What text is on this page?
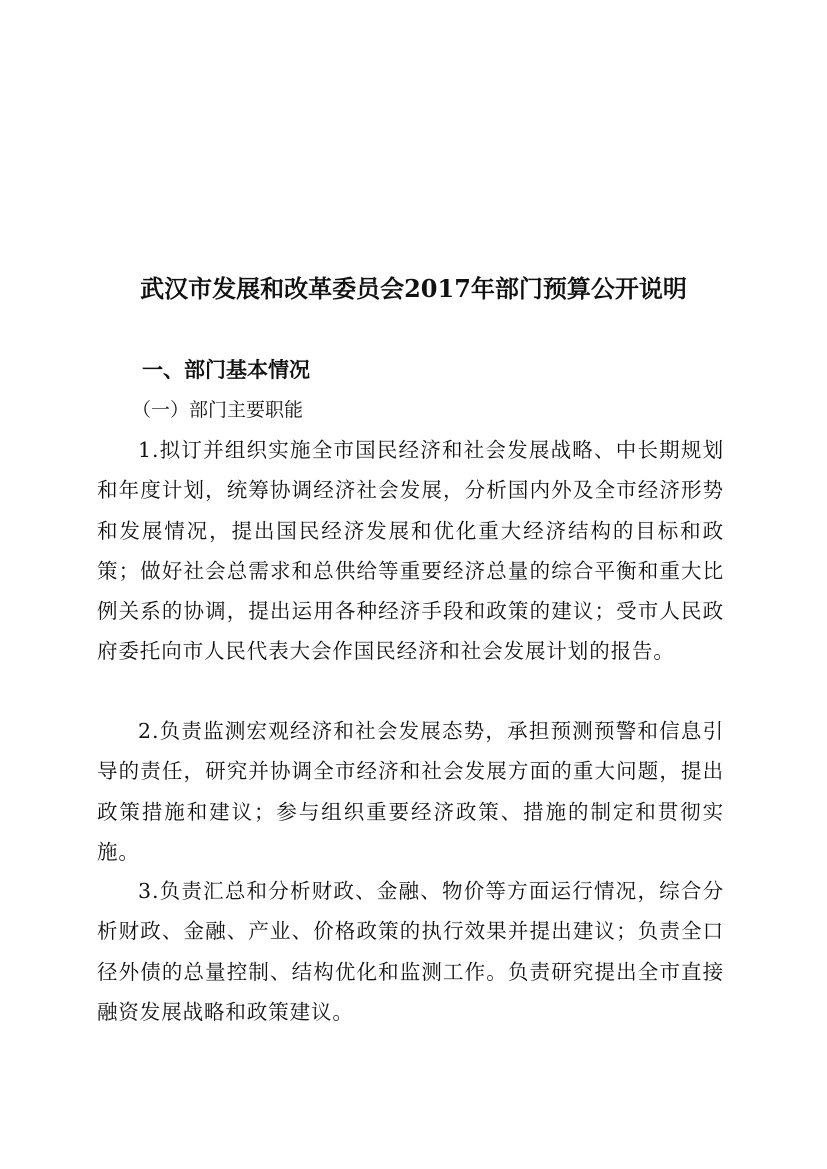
武汉市发展和改革委员会2017年部门预算公开说明
一、部门基本情况
（一）部门主要职能

1.拟订并组织实施全市国民经济和社会发展战略、中长期规划和年度计划，统筹协调经济社会发展，分析国内外及全市经济形势和发展情况，提出国民经济发展和优化重大经济结构的目标和政策；做好社会总需求和总供给等重要经济总量的综合平衡和重大比例关系的协调，提出运用各种经济手段和政策的建议；受市人民政府委托向市人民代表大会作国民经济和社会发展计划的报告。

2.负责监测宏观经济和社会发展态势，承担预测预警和信息引导的责任，研究并协调全市经济和社会发展方面的重大问题，提出政策措施和建议；参与组织重要经济政策、措施的制定和贯彻实施。

3.负责汇总和分析财政、金融、物价等方面运行情况，综合分析财政、金融、产业、价格政策的执行效果并提出建议；负责全口径外债的总量控制、结构优化和监测工作。负责研究提出全市直接融资发展战略和政策建议。
